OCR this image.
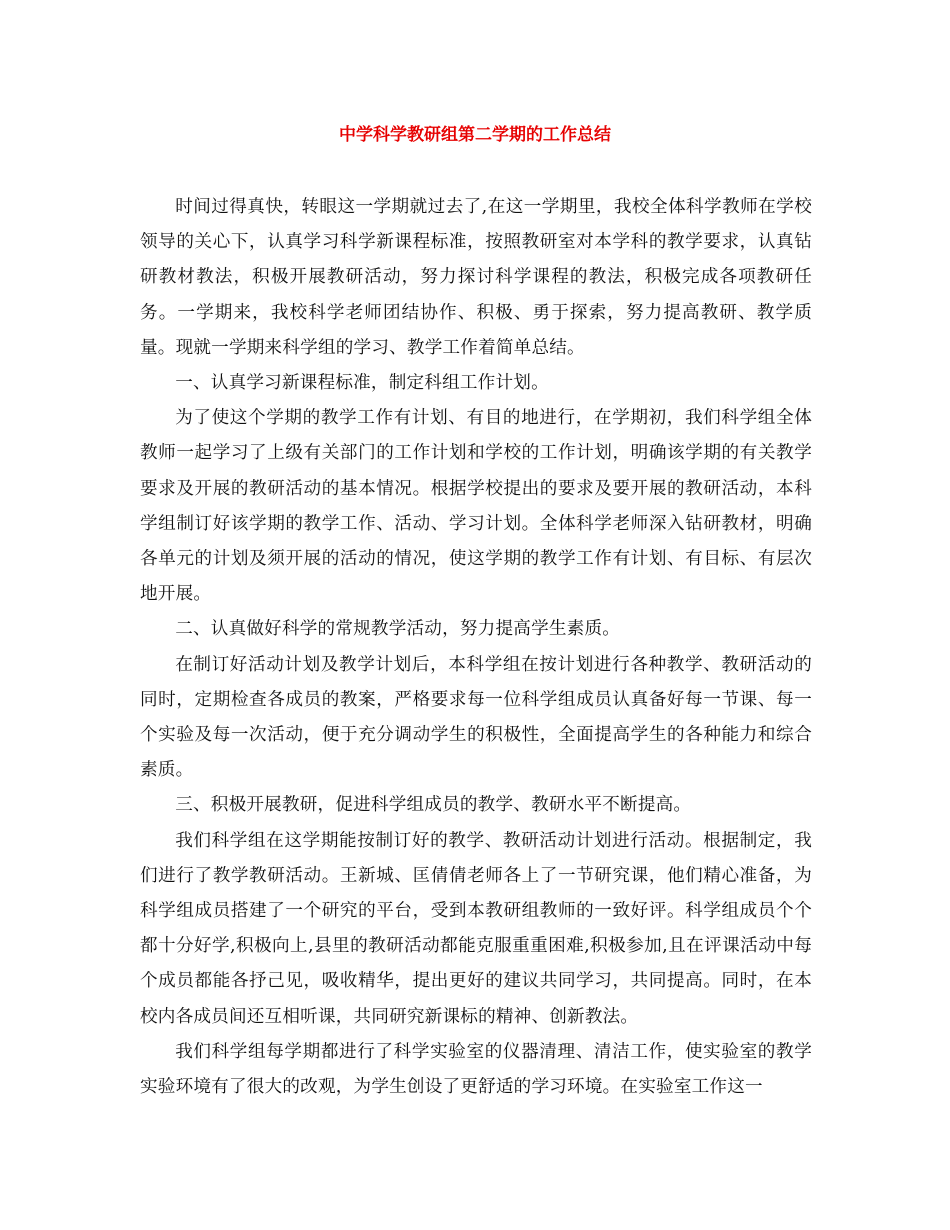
中学科学教研组第二学期的工作总结

时间过得真快，转眼这一学期就过去了,在这一学期里，我校全体科学教师在学校领导的关心下，认真学习科学新课程标准，按照教研室对本学科的教学要求，认真钻研教材教法，积极开展教研活动，努力探讨科学课程的教法，积极完成各项教研任务。一学期来，我校科学老师团结协作、积极、勇于探索，努力提高教研、教学质量。现就一学期来科学组的学习、教学工作着简单总结。

一、认真学习新课程标准，制定科组工作计划。

为了使这个学期的教学工作有计划、有目的地进行，在学期初，我们科学组全体教师一起学习了上级有关部门的工作计划和学校的工作计划，明确该学期的有关教学要求及开展的教研活动的基本情况。根据学校提出的要求及要开展的教研活动，本科学组制订好该学期的教学工作、活动、学习计划。全体科学老师深入钻研教材，明确各单元的计划及须开展的活动的情况，使这学期的教学工作有计划、有目标、有层次地开展。

二、认真做好科学的常规教学活动，努力提高学生素质。

在制订好活动计划及教学计划后，本科学组在按计划进行各种教学、教研活动的同时，定期检查各成员的教案，严格要求每一位科学组成员认真备好每一节课、每一个实验及每一次活动，便于充分调动学生的积极性，全面提高学生的各种能力和综合素质。

三、积极开展教研，促进科学组成员的教学、教研水平不断提高。

我们科学组在这学期能按制订好的教学、教研活动计划进行活动。根据制定，我们进行了教学教研活动。王新城、匡倩倩老师各上了一节研究课，他们精心准备，为科学组成员搭建了一个研究的平台，受到本教研组教师的一致好评。科学组成员个个都十分好学,积极向上,县里的教研活动都能克服重重困难,积极参加,且在评课活动中每个成员都能各抒己见，吸收精华，提出更好的建议共同学习，共同提高。同时，在本校内各成员间还互相听课，共同研究新课标的精神、创新教法。

我们科学组每学期都进行了科学实验室的仪器清理、清洁工作，使实验室的教学实验环境有了很大的改观，为学生创设了更舒适的学习环境。在实验室工作这一
